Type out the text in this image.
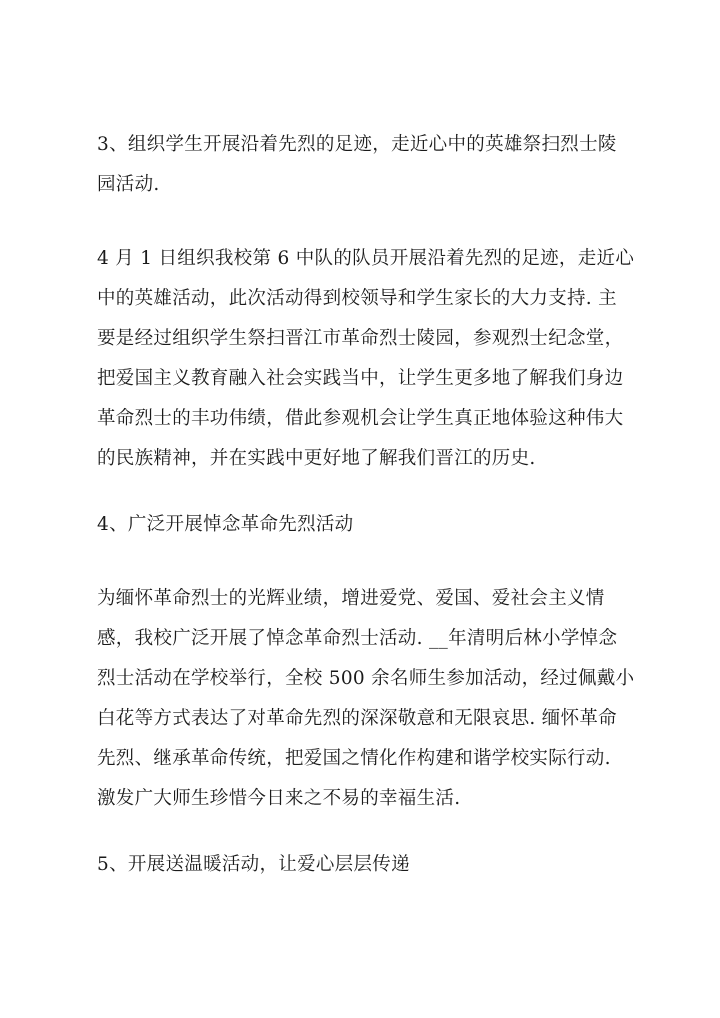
3、组织学生开展沿着先烈的足迹，走近心中的英雄祭扫烈士陵
园活动.
4 月 1 日组织我校第 6 中队的队员开展沿着先烈的足迹，走近心
中的英雄活动，此次活动得到校领导和学生家长的大力支持. 主
要是经过组织学生祭扫晋江市革命烈士陵园，参观烈士纪念堂，
把爱国主义教育融入社会实践当中，让学生更多地了解我们身边
革命烈士的丰功伟绩，借此参观机会让学生真正地体验这种伟大
的民族精神，并在实践中更好地了解我们晋江的历史.
4、广泛开展悼念革命先烈活动
为缅怀革命烈士的光辉业绩，增进爱党、爱国、爱社会主义情
感，我校广泛开展了悼念革命烈士活动. __年清明后林小学悼念
烈士活动在学校举行，全校 500 余名师生参加活动，经过佩戴小
白花等方式表达了对革命先烈的深深敬意和无限哀思. 缅怀革命
先烈、继承革命传统，把爱国之情化作构建和谐学校实际行动.
激发广大师生珍惜今日来之不易的幸福生活.
5、开展送温暖活动，让爱心层层传递
